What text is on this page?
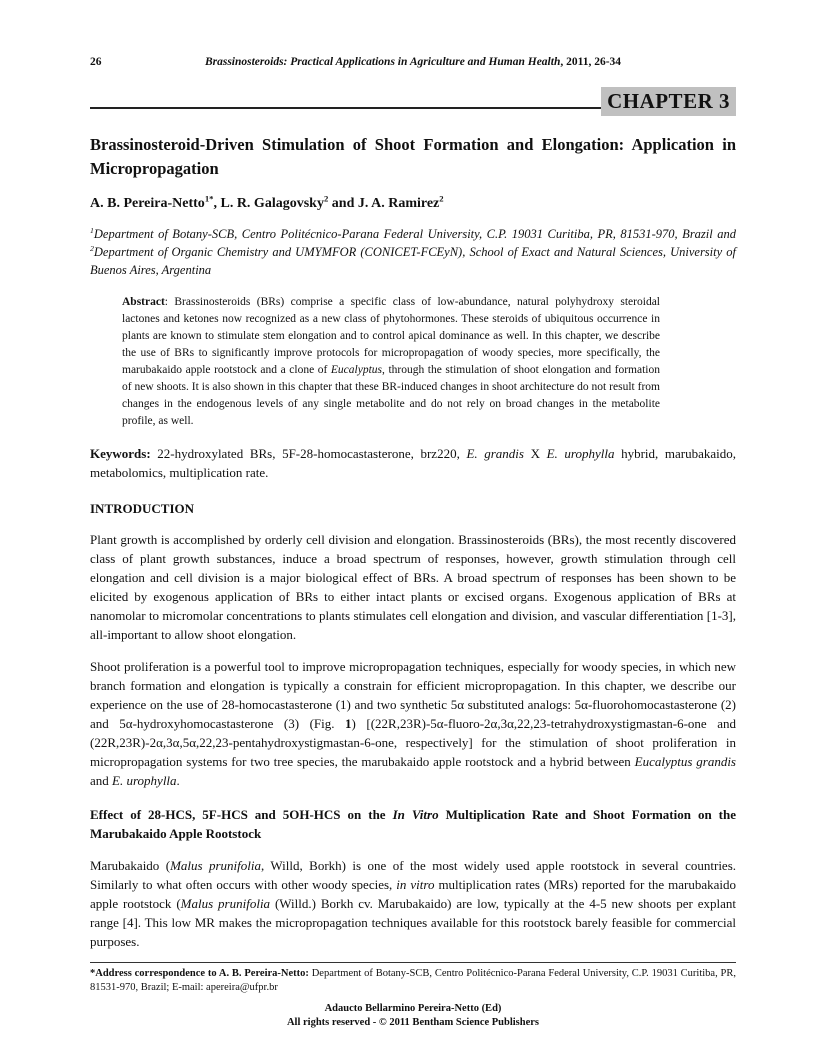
26	Brassinosteroids: Practical Applications in Agriculture and Human Health, 2011, 26-34
CHAPTER 3
Brassinosteroid-Driven Stimulation of Shoot Formation and Elongation: Application in Micropropagation
A. B. Pereira-Netto$^{1*}$, L. R. Galagovsky$^2$ and J. A. Ramirez$^2$
$^1$Department of Botany-SCB, Centro Politécnico-Parana Federal University, C.P. 19031 Curitiba, PR, 81531-970, Brazil and $^2$Department of Organic Chemistry and UMYMFOR (CONICET-FCEyN), School of Exact and Natural Sciences, University of Buenos Aires, Argentina
Abstract: Brassinosteroids (BRs) comprise a specific class of low-abundance, natural polyhydroxy steroidal lactones and ketones now recognized as a new class of phytohormones. These steroids of ubiquitous occurrence in plants are known to stimulate stem elongation and to control apical dominance as well. In this chapter, we describe the use of BRs to significantly improve protocols for micropropagation of woody species, more specifically, the marubakaido apple rootstock and a clone of Eucalyptus, through the stimulation of shoot elongation and formation of new shoots. It is also shown in this chapter that these BR-induced changes in shoot architecture do not result from changes in the endogenous levels of any single metabolite and do not rely on broad changes in the metabolite profile, as well.
Keywords: 22-hydroxylated BRs, 5F-28-homocastasterone, brz220, E. grandis X E. urophylla hybrid, marubakaido, metabolomics, multiplication rate.
INTRODUCTION
Plant growth is accomplished by orderly cell division and elongation. Brassinosteroids (BRs), the most recently discovered class of plant growth substances, induce a broad spectrum of responses, however, growth stimulation through cell elongation and cell division is a major biological effect of BRs. A broad spectrum of responses has been shown to be elicited by exogenous application of BRs to either intact plants or excised organs. Exogenous application of BRs at nanomolar to micromolar concentrations to plants stimulates cell elongation and division, and vascular differentiation [1-3], all-important to allow shoot elongation.
Shoot proliferation is a powerful tool to improve micropropagation techniques, especially for woody species, in which new branch formation and elongation is typically a constrain for efficient micropropagation. In this chapter, we describe our experience on the use of 28-homocastasterone (1) and two synthetic 5α substituted analogs: 5α-fluorohomocastasterone (2) and 5α-hydroxyhomocastasterone (3) (Fig. 1) [(22R,23R)-5α-fluoro-2α,3α,22,23-tetrahydroxystigmastan-6-one and (22R,23R)-2α,3α,5α,22,23-pentahydroxystigmastan-6-one, respectively] for the stimulation of shoot proliferation in micropropagation systems for two tree species, the marubakaido apple rootstock and a hybrid between Eucalyptus grandis and E. urophylla.
Effect of 28-HCS, 5F-HCS and 5OH-HCS on the In Vitro Multiplication Rate and Shoot Formation on the Marubakaido Apple Rootstock
Marubakaido (Malus prunifolia, Willd, Borkh) is one of the most widely used apple rootstock in several countries. Similarly to what often occurs with other woody species, in vitro multiplication rates (MRs) reported for the marubakaido apple rootstock (Malus prunifolia (Willd.) Borkh cv. Marubakaido) are low, typically at the 4-5 new shoots per explant range [4]. This low MR makes the micropropagation techniques available for this rootstock barely feasible for commercial purposes.
*Address correspondence to A. B. Pereira-Netto: Department of Botany-SCB, Centro Politécnico-Parana Federal University, C.P. 19031 Curitiba, PR, 81531-970, Brazil; E-mail: apereira@ufpr.br
Adaucto Bellarmino Pereira-Netto (Ed)
All rights reserved - © 2011 Bentham Science Publishers
